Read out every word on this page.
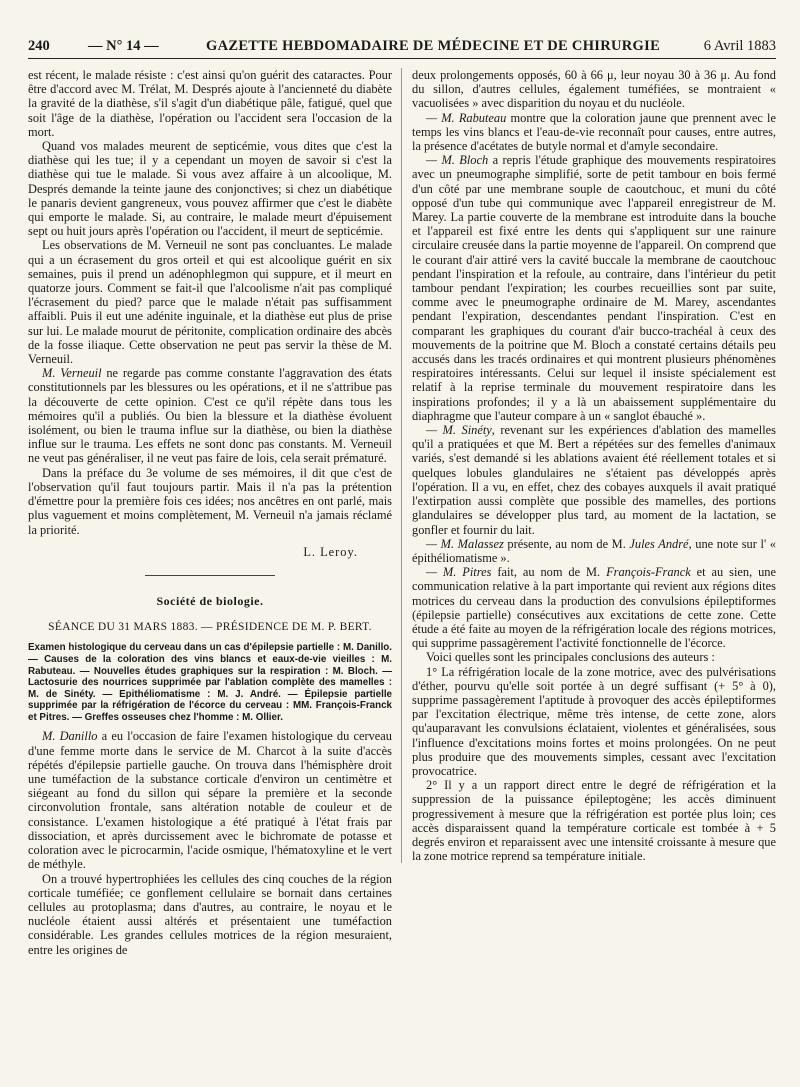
240	— N° 14 —	GAZETTE HEBDOMADAIRE DE MÉDECINE ET DE CHIRURGIE	6 Avril 1883

est récent, le malade résiste : c'est ainsi qu'on guérit des cataractes. Pour être d'accord avec M. Trélat, M. Després ajoute à l'ancienneté du diabète la gravité de la diathèse, s'il s'agit d'un diabétique pâle, fatigué, quel que soit l'âge de la diathèse, l'opération ou l'accident sera l'occasion de la mort.

Quand vos malades meurent de septicémie, vous dites que c'est la diathèse qui les tue; il y a cependant un moyen de savoir si c'est la diathèse qui tue le malade. Si vous avez affaire à un alcoolique, M. Després demande la teinte jaune des conjonctives; si chez un diabétique le panaris devient gangreneux, vous pouvez affirmer que c'est le diabète qui emporte le malade. Si, au contraire, le malade meurt d'épuisement sept ou huit jours après l'opération ou l'accident, il meurt de septicémie.

Les observations de M. Verneuil ne sont pas concluantes. Le malade qui a un écrasement du gros orteil et qui est alcoolique guérit en six semaines, puis il prend un adénophlegmon qui suppure, et il meurt en quatorze jours. Comment se fait-il que l'alcoolisme n'ait pas compliqué l'écrasement du pied? parce que le malade n'était pas suffisamment affaibli. Puis il eut une adénite inguinale, et la diathèse eut plus de prise sur lui. Le malade mourut de péritonite, complication ordinaire des abcès de la fosse iliaque. Cette observation ne peut pas servir la thèse de M. Verneuil.

M. Verneuil ne regarde pas comme constante l'aggravation des états constitutionnels par les blessures ou les opérations, et il ne s'attribue pas la découverte de cette opinion. C'est ce qu'il répète dans tous les mémoires qu'il a publiés. Ou bien la blessure et la diathèse évoluent isolément, ou bien le trauma influe sur la diathèse, ou bien la diathèse influe sur le trauma. Les effets ne sont donc pas constants. M. Verneuil ne veut pas généraliser, il ne veut pas faire de lois, cela serait prématuré.

Dans la préface du 3e volume de ses mémoires, il dit que c'est de l'observation qu'il faut toujours partir. Mais il n'a pas la prétention d'émettre pour la première fois ces idées; nos ancêtres en ont parlé, mais plus vaguement et moins complètement, M. Verneuil n'a jamais réclamé la priorité.

L. Leroy.
Société de biologie.
SÉANCE DU 31 MARS 1883. — PRÉSIDENCE DE M. P. BERT.
Examen histologique du cerveau dans un cas d'épilepsie partielle : M. Danillo. — Causes de la coloration des vins blancs et eaux-de-vie vieilles : M. Rabuteau. — Nouvelles études graphiques sur la respiration : M. Bloch. — Lactosurie des nourrices supprimée par l'ablation complète des mamelles : M. de Sinéty. — Epithéliomatisme : M. J. André. — Épilepsie partielle supprimée par la réfrigération de l'écorce du cerveau : MM. François-Franck et Pitres. — Greffes osseuses chez l'homme : M. Ollier.

M. Danillo a eu l'occasion de faire l'examen histologique du cerveau d'une femme morte dans le service de M. Charcot à la suite d'accès répétés d'épilepsie partielle gauche. On trouva dans l'hémisphère droit une tuméfaction de la substance corticale d'environ un centimètre et siégeant au fond du sillon qui sépare la première et la seconde circonvolution frontale, sans altération notable de couleur et de consistance. L'examen histologique a été pratiqué à l'état frais par dissociation, et après durcissement avec le bichromate de potasse et coloration avec le picrocarmin, l'acide osmique, l'hématoxyline et le vert de méthyle.

On a trouvé hypertrophiées les cellules des cinq couches de la région corticale tuméfiée; ce gonflement cellulaire se bornait dans certaines cellules au protoplasma; dans d'autres, au contraire, le noyau et le nucléole étaient aussi altérés et présentaient une tuméfaction considérable. Les grandes cellules motrices de la région mesuraient, entre les origines de

deux prolongements opposés, 60 à 66 μ, leur noyau 30 à 36 μ. Au fond du sillon, d'autres cellules, également tuméfiées, se montraient « vacuolisées » avec disparition du noyau et du nucléole.

— M. Rabuteau montre que la coloration jaune que prennent avec le temps les vins blancs et l'eau-de-vie reconnaît pour causes, entre autres, la présence d'acétates de butyle normal et d'amyle secondaire.

— M. Bloch a repris l'étude graphique des mouvements respiratoires avec un pneumographe simplifié, sorte de petit tambour en bois fermé d'un côté par une membrane souple de caoutchouc, et muni du côté opposé d'un tube qui communique avec l'appareil enregistreur de M. Marey. La partie couverte de la membrane est introduite dans la bouche et l'appareil est fixé entre les dents qui s'appliquent sur une rainure circulaire creusée dans la partie moyenne de l'appareil. On comprend que le courant d'air attiré vers la cavité buccale la membrane de caoutchouc pendant l'inspiration et la refoule, au contraire, dans l'intérieur du petit tambour pendant l'expiration; les courbes recueillies sont par suite, comme avec le pneumographe ordinaire de M. Marey, ascendantes pendant l'expiration, descendantes pendant l'inspiration. C'est en comparant les graphiques du courant d'air bucco-trachéal à ceux des mouvements de la poitrine que M. Bloch a constaté certains détails peu accusés dans les tracés ordinaires et qui montrent plusieurs phénomènes respiratoires intéressants. Celui sur lequel il insiste spécialement est relatif à la reprise terminale du mouvement respiratoire dans les inspirations profondes; il y a là un abaissement supplémentaire du diaphragme que l'auteur compare à un « sanglot ébauché ».

— M. Sinéty, revenant sur les expériences d'ablation des mamelles qu'il a pratiquées et que M. Bert a répétées sur des femelles d'animaux variés, s'est demandé si les ablations avaient été réellement totales et si quelques lobules glandulaires ne s'étaient pas développés après l'opération. Il a vu, en effet, chez des cobayes auxquels il avait pratiqué l'extirpation aussi complète que possible des mamelles, des portions glandulaires se développer plus tard, au moment de la lactation, se gonfler et fournir du lait.

— M. Malassez présente, au nom de M. Jules André, une note sur l' « épithéliomatisme ».

— M. Pitres fait, au nom de M. François-Franck et au sien, une communication relative à la part importante qui revient aux régions dites motrices du cerveau dans la production des convulsions épileptiformes (épilepsie partielle) consécutives aux excitations de cette zone. Cette étude a été faite au moyen de la réfrigération locale des régions motrices, qui supprime passagèrement l'activité fonctionnelle de l'écorce.

Voici quelles sont les principales conclusions des auteurs :

1° La réfrigération locale de la zone motrice, avec des pulvérisations d'éther, pourvu qu'elle soit portée à un degré suffisant (+ 5° à 0), supprime passagèrement l'aptitude à provoquer des accès épileptiformes par l'excitation électrique, même très intense, de cette zone, alors qu'auparavant les convulsions éclataient, violentes et généralisées, sous l'influence d'excitations moins fortes et moins prolongées. On ne peut plus produire que des mouvements simples, cessant avec l'excitation provocatrice.

2° Il y a un rapport direct entre le degré de réfrigération et la suppression de la puissance épileptogène; les accès diminuent progressivement à mesure que la réfrigération est portée plus loin; ces accès disparaissent quand la température corticale est tombée à + 5 degrés environ et reparaissent avec une intensité croissante à mesure que la zone motrice reprend sa température initiale.
